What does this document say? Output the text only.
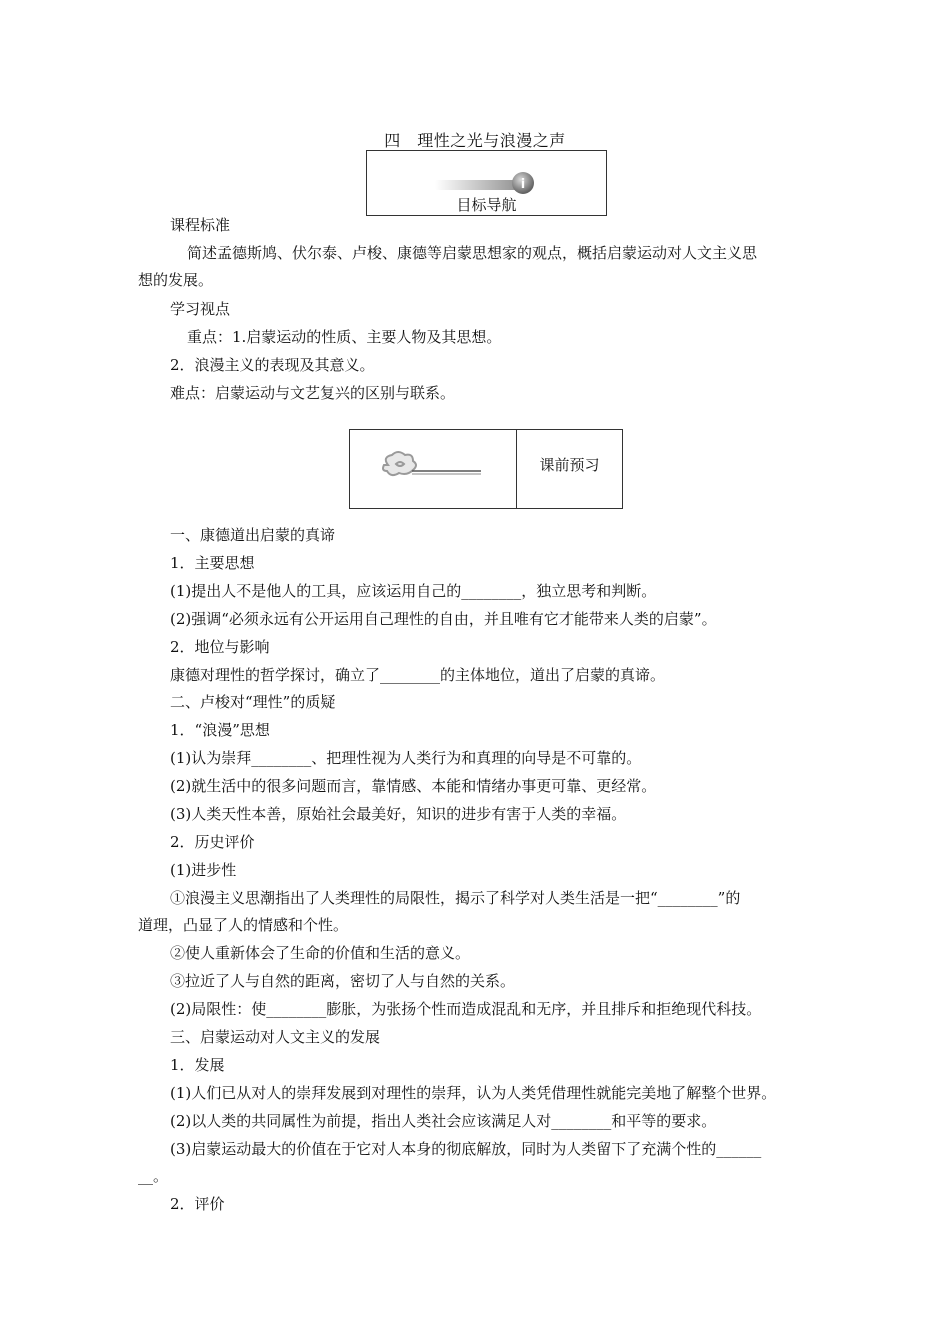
四　理性之光与浪漫之声
i
目标导航
课程标准
简述孟德斯鸠、伏尔泰、卢梭、康德等启蒙思想家的观点，概括启蒙运动对人文主义思
想的发展。
学习视点
重点：1.启蒙运动的性质、主要人物及其思想。
2．浪漫主义的表现及其意义。
难点：启蒙运动与文艺复兴的区别与联系。
一、康德道出启蒙的真谛
1．主要思想
(1)提出人不是他人的工具，应该运用自己的________，独立思考和判断。
(2)强调“必须永远有公开运用自己理性的自由，并且唯有它才能带来人类的启蒙”。
2．地位与影响
康德对理性的哲学探讨，确立了________的主体地位，道出了启蒙的真谛。
二、卢梭对“理性”的质疑
1．“浪漫”思想
(1)认为崇拜________、把理性视为人类行为和真理的向导是不可靠的。
(2)就生活中的很多问题而言，靠情感、本能和情绪办事更可靠、更经常。
(3)人类天性本善，原始社会最美好，知识的进步有害于人类的幸福。
2．历史评价
(1)进步性
①浪漫主义思潮指出了人类理性的局限性，揭示了科学对人类生活是一把“________”的
道理，凸显了人的情感和个性。
②使人重新体会了生命的价值和生活的意义。
③拉近了人与自然的距离，密切了人与自然的关系。
(2)局限性：使________膨胀，为张扬个性而造成混乱和无序，并且排斥和拒绝现代科技。
三、启蒙运动对人文主义的发展
1．发展
(1)人们已从对人的崇拜发展到对理性的崇拜，认为人类凭借理性就能完美地了解整个世界。
(2)以人类的共同属性为前提，指出人类社会应该满足人对________和平等的要求。
(3)启蒙运动最大的价值在于它对人本身的彻底解放，同时为人类留下了充满个性的______
__。
2．评价
课前预习
